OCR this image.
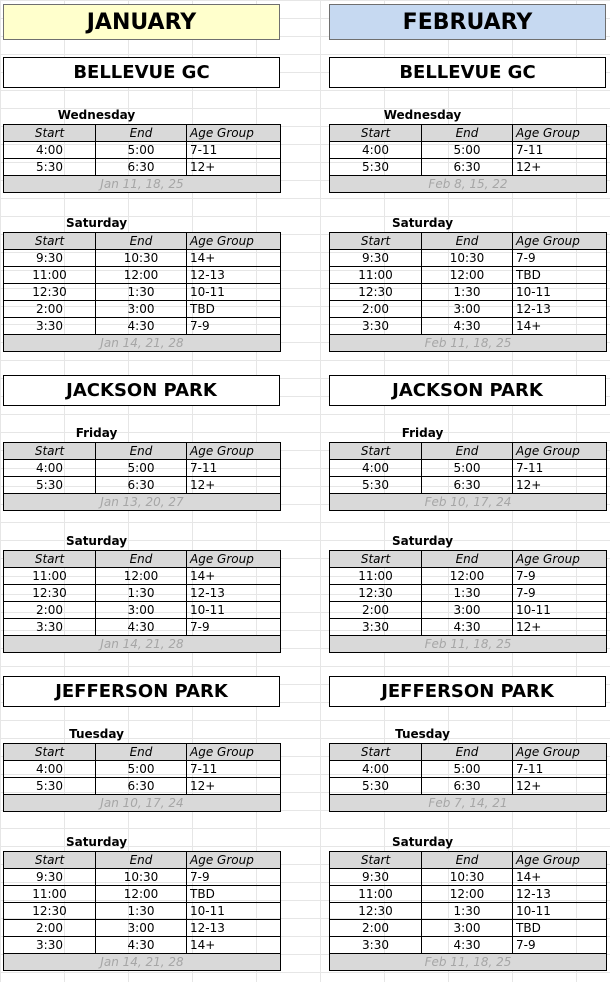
JANUARY
BELLEVUE GC
Wednesday
Start	End	Age Group
4:00	5:00	7-11
5:30	6:30	12+
Jan 11, 18, 25		
Saturday
Start	End	Age Group
9:30	10:30	14+
11:00	12:00	12-13
12:30	1:30	10-11
2:00	3:00	TBD
3:30	4:30	7-9
Jan 14, 21, 28		
JACKSON PARK
Friday
Start	End	Age Group
4:00	5:00	7-11
5:30	6:30	12+
Jan 13, 20, 27		
Saturday
Start	End	Age Group
11:00	12:00	14+
12:30	1:30	12-13
2:00	3:00	10-11
3:30	4:30	7-9
Jan 14, 21, 28		
JEFFERSON PARK
Tuesday
Start	End	Age Group
4:00	5:00	7-11
5:30	6:30	12+
Jan 10, 17, 24		
Saturday
Start	End	Age Group
9:30	10:30	7-9
11:00	12:00	TBD
12:30	1:30	10-11
2:00	3:00	12-13
3:30	4:30	14+
Jan 14, 21, 28		
FEBRUARY
BELLEVUE GC
Wednesday
Start	End	Age Group
4:00	5:00	7-11
5:30	6:30	12+
Feb 8, 15, 22		
Saturday
Start	End	Age Group
9:30	10:30	7-9
11:00	12:00	TBD
12:30	1:30	10-11
2:00	3:00	12-13
3:30	4:30	14+
Feb 11, 18, 25		
JACKSON PARK
Friday
Start	End	Age Group
4:00	5:00	7-11
5:30	6:30	12+
Feb 10, 17, 24		
Saturday
Start	End	Age Group
11:00	12:00	7-9
12:30	1:30	7-9
2:00	3:00	10-11
3:30	4:30	12+
Feb 11, 18, 25		
JEFFERSON PARK
Tuesday
Start	End	Age Group
4:00	5:00	7-11
5:30	6:30	12+
Feb 7, 14, 21		
Saturday
Start	End	Age Group
9:30	10:30	14+
11:00	12:00	12-13
12:30	1:30	10-11
2:00	3:00	TBD
3:30	4:30	7-9
Feb 11, 18, 25		
